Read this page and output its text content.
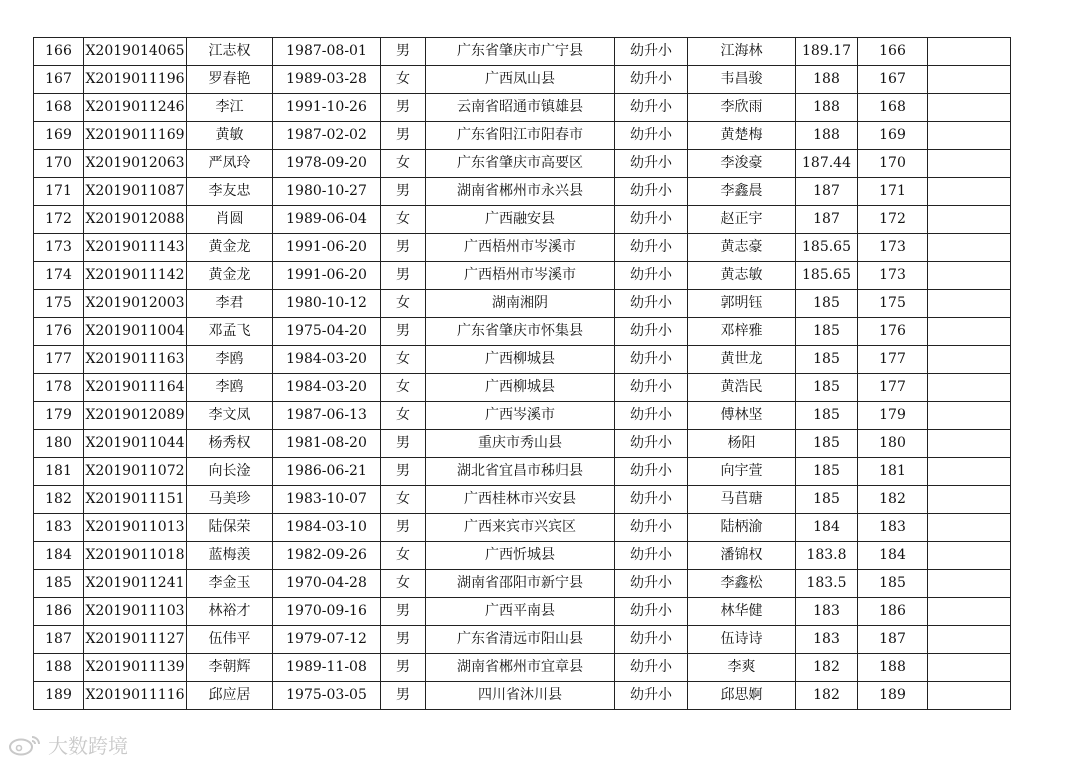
166	X2019014065	江志权	1987-08-01	男	广东省肇庆市广宁县	幼升小	江海林	189.17	166	
167	X2019011196	罗春艳	1989-03-28	女	广西凤山县	幼升小	韦昌骏	188	167	
168	X2019011246	李江	1991-10-26	男	云南省昭通市镇雄县	幼升小	李欣雨	188	168	
169	X2019011169	黄敏	1987-02-02	男	广东省阳江市阳春市	幼升小	黄楚梅	188	169	
170	X2019012063	严凤玲	1978-09-20	女	广东省肇庆市高要区	幼升小	李浚豪	187.44	170	
171	X2019011087	李友忠	1980-10-27	男	湖南省郴州市永兴县	幼升小	李鑫晨	187	171	
172	X2019012088	肖圆	1989-06-04	女	广西融安县	幼升小	赵正宇	187	172	
173	X2019011143	黄金龙	1991-06-20	男	广西梧州市岑溪市	幼升小	黄志豪	185.65	173	
174	X2019011142	黄金龙	1991-06-20	男	广西梧州市岑溪市	幼升小	黄志敏	185.65	173	
175	X2019012003	李君	1980-10-12	女	湖南湘阴	幼升小	郭明钰	185	175	
176	X2019011004	邓孟飞	1975-04-20	男	广东省肇庆市怀集县	幼升小	邓梓雅	185	176	
177	X2019011163	李鸥	1984-03-20	女	广西柳城县	幼升小	黄世龙	185	177	
178	X2019011164	李鸥	1984-03-20	女	广西柳城县	幼升小	黄浩民	185	177	
179	X2019012089	李文凤	1987-06-13	女	广西岑溪市	幼升小	傅林坚	185	179	
180	X2019011044	杨秀权	1981-08-20	男	重庆市秀山县	幼升小	杨阳	185	180	
181	X2019011072	向长淦	1986-06-21	男	湖北省宜昌市秭归县	幼升小	向宇萱	185	181	
182	X2019011151	马美珍	1983-10-07	女	广西桂林市兴安县	幼升小	马苢瑭	185	182	
183	X2019011013	陆保荣	1984-03-10	男	广西来宾市兴宾区	幼升小	陆柄渝	184	183	
184	X2019011018	蓝梅羡	1982-09-26	女	广西忻城县	幼升小	潘锦权	183.8	184	
185	X2019011241	李金玉	1970-04-28	女	湖南省邵阳市新宁县	幼升小	李鑫松	183.5	185	
186	X2019011103	林裕才	1970-09-16	男	广西平南县	幼升小	林华健	183	186	
187	X2019011127	伍伟平	1979-07-12	男	广东省清远市阳山县	幼升小	伍诗诗	183	187	
188	X2019011139	李朝辉	1989-11-08	男	湖南省郴州市宜章县	幼升小	李爽	182	188	
189	X2019011116	邱应居	1975-03-05	男	四川省沐川县	幼升小	邱思婀	182	189	
大数跨境
